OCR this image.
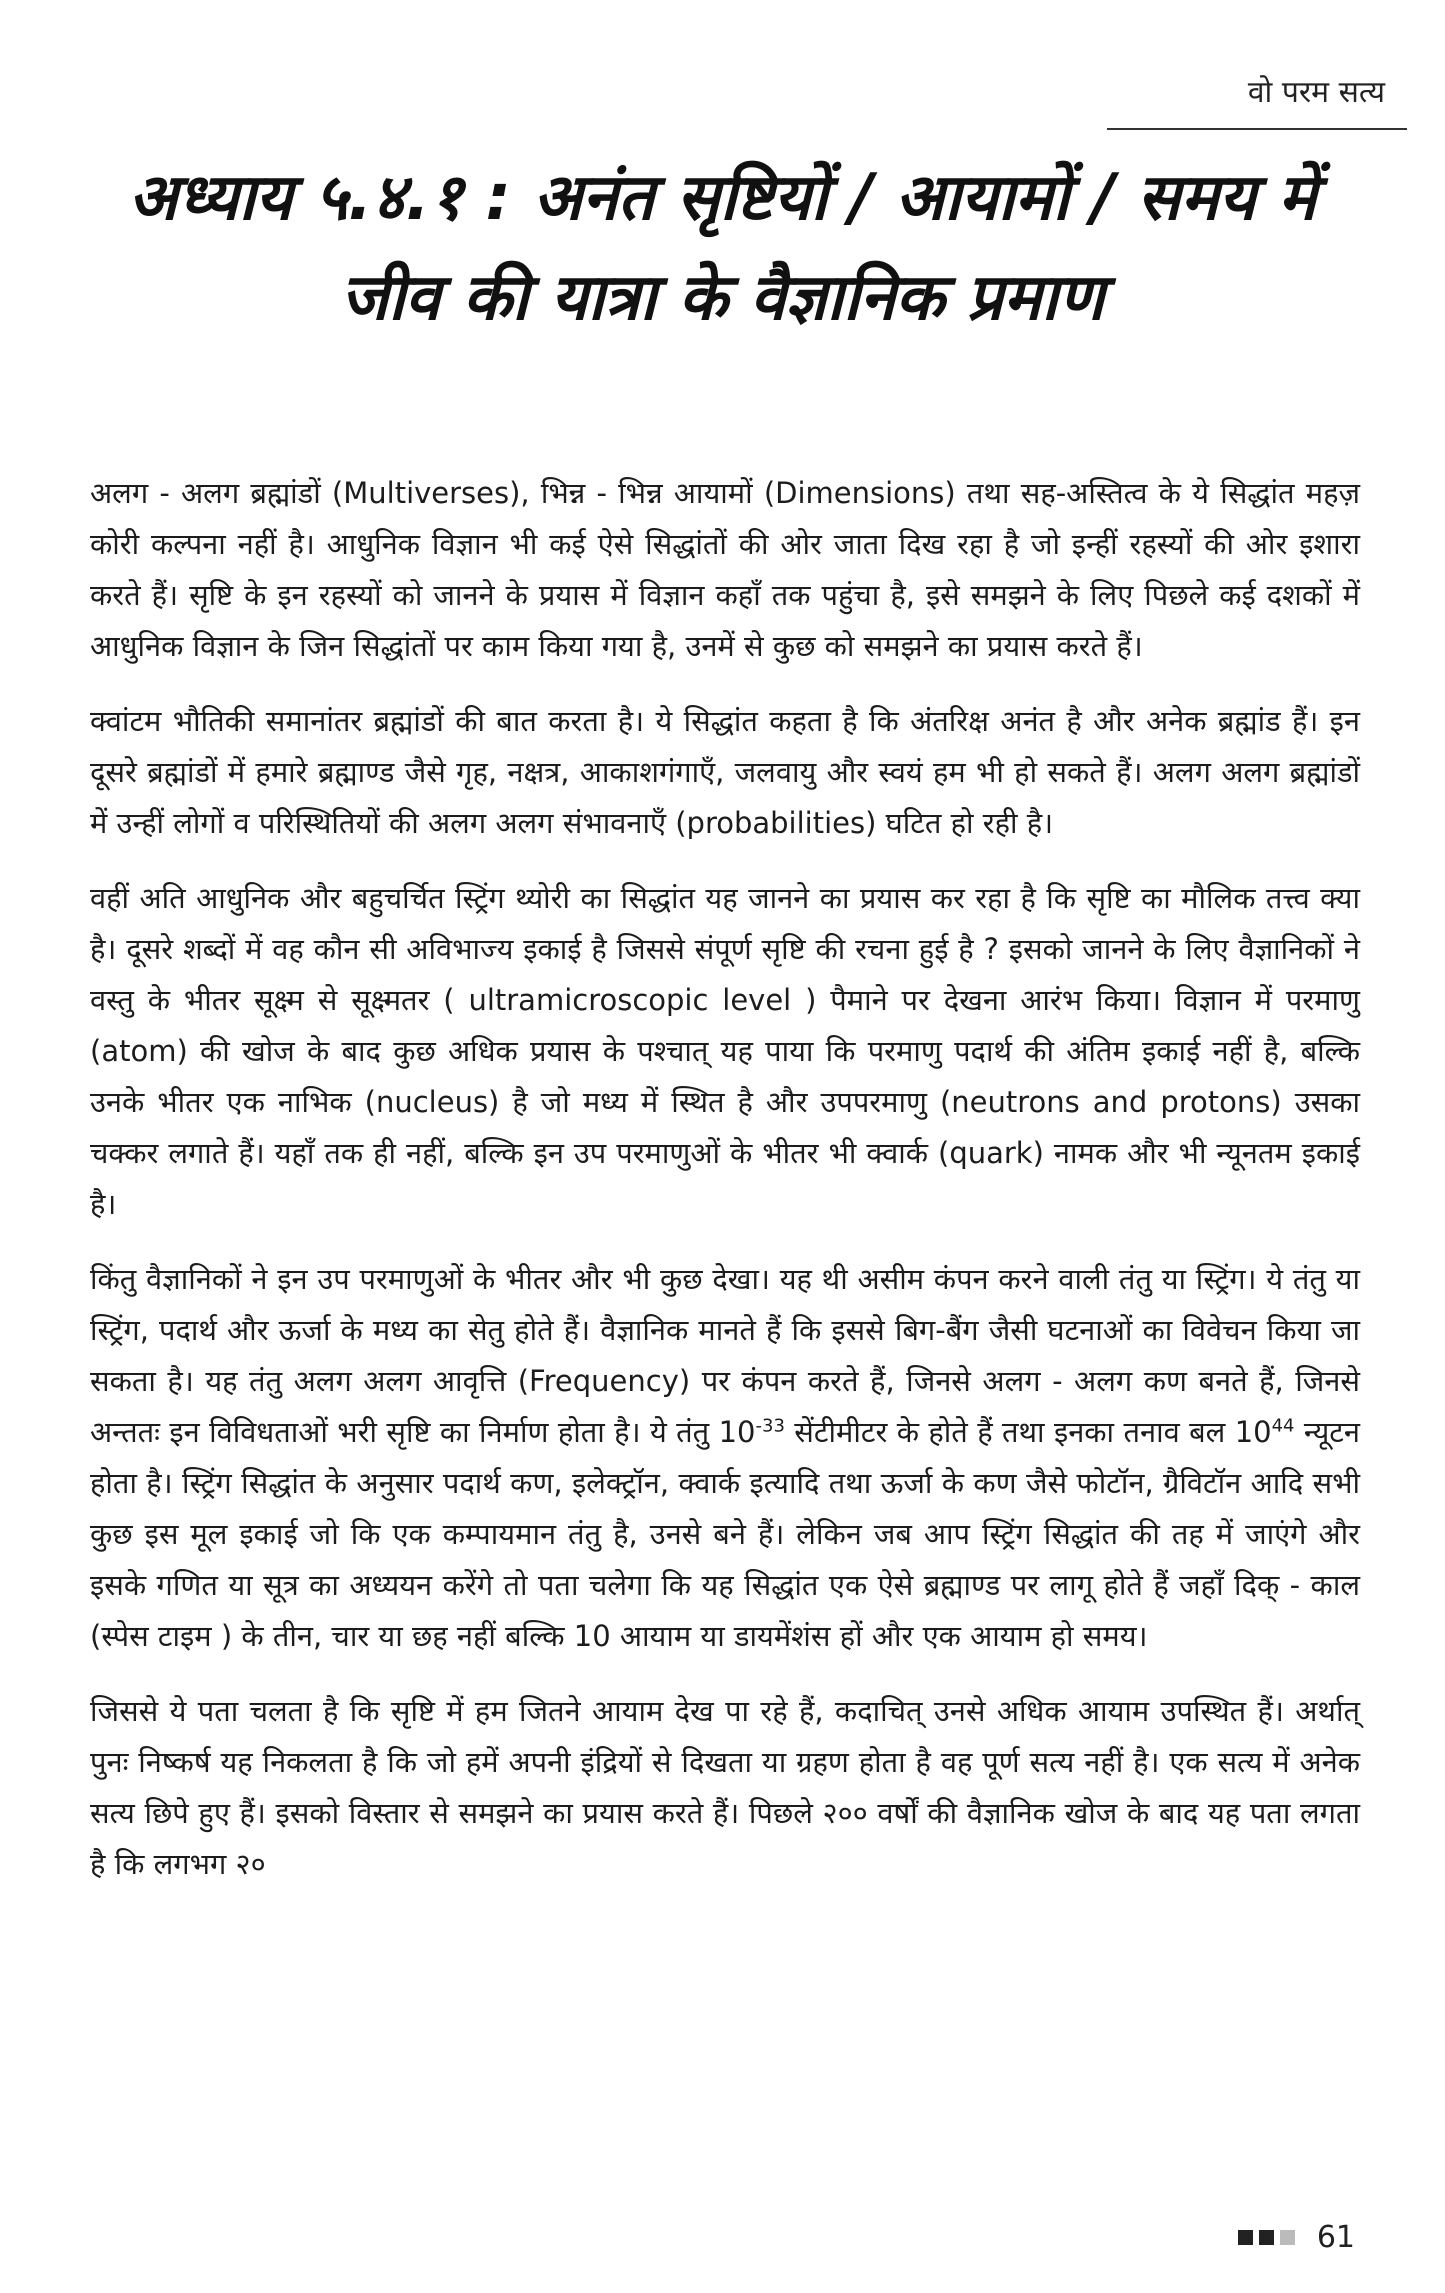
वो परम सत्य
अध्याय ५.४.१ : अनंत सृष्टियों / आयामों / समय में जीव की यात्रा के वैज्ञानिक प्रमाण

अलग - अलग ब्रह्मांडों (Multiverses), भिन्न - भिन्न आयामों (Dimensions) तथा सह-अस्तित्व के ये सिद्धांत महज़ कोरी कल्पना नहीं है। आधुनिक विज्ञान भी कई ऐसे सिद्धांतों की ओर जाता दिख रहा है जो इन्हीं रहस्यों की ओर इशारा करते हैं। सृष्टि के इन रहस्यों को जानने के प्रयास में विज्ञान कहाँ तक पहुंचा है, इसे समझने के लिए पिछले कई दशकों में आधुनिक विज्ञान के जिन सिद्धांतों पर काम किया गया है, उनमें से कुछ को समझने का प्रयास करते हैं।

क्वांटम भौतिकी समानांतर ब्रह्मांडों की बात करता है। ये सिद्धांत कहता है कि अंतरिक्ष अनंत है और अनेक ब्रह्मांड हैं। इन दूसरे ब्रह्मांडों में हमारे ब्रह्माण्ड जैसे गृह, नक्षत्र, आकाशगंगाएँ, जलवायु और स्वयं हम भी हो सकते हैं। अलग अलग ब्रह्मांडों में उन्हीं लोगों व परिस्थितियों की अलग अलग संभावनाएँ (probabilities) घटित हो रही है।

वहीं अति आधुनिक और बहुचर्चित स्ट्रिंग थ्योरी का सिद्धांत यह जानने का प्रयास कर रहा है कि सृष्टि का मौलिक तत्त्व क्या है। दूसरे शब्दों में वह कौन सी अविभाज्य इकाई है जिससे संपूर्ण सृष्टि की रचना हुई है ? इसको जानने के लिए वैज्ञानिकों ने वस्तु के भीतर सूक्ष्म से सूक्ष्मतर ( ultramicroscopic level ) पैमाने पर देखना आरंभ किया। विज्ञान में परमाणु (atom) की खोज के बाद कुछ अधिक प्रयास के पश्चात् यह पाया कि परमाणु पदार्थ की अंतिम इकाई नहीं है, बल्कि उनके भीतर एक नाभिक (nucleus) है जो मध्य में स्थित है और उपपरमाणु (neutrons and protons) उसका चक्कर लगाते हैं। यहाँ तक ही नहीं, बल्कि इन उप परमाणुओं के भीतर भी क्वार्क (quark) नामक और भी न्यूनतम इकाई है।

किंतु वैज्ञानिकों ने इन उप परमाणुओं के भीतर और भी कुछ देखा। यह थी असीम कंपन करने वाली तंतु या स्ट्रिंग। ये तंतु या स्ट्रिंग, पदार्थ और ऊर्जा के मध्य का सेतु होते हैं। वैज्ञानिक मानते हैं कि इससे बिग-बैंग जैसी घटनाओं का विवेचन किया जा सकता है। यह तंतु अलग अलग आवृत्ति (Frequency) पर कंपन करते हैं, जिनसे अलग - अलग कण बनते हैं, जिनसे अन्ततः इन विविधताओं भरी सृष्टि का निर्माण होता है। ये तंतु $10^{-33}$ सेंटीमीटर के होते हैं तथा इनका तनाव बल $10^{44}$ न्यूटन होता है। स्ट्रिंग सिद्धांत के अनुसार पदार्थ कण, इलेक्ट्रॉन, क्वार्क इत्यादि तथा ऊर्जा के कण जैसे फोटॉन, ग्रैविटॉन आदि सभी कुछ इस मूल इकाई जो कि एक कम्पायमान तंतु है, उनसे बने हैं। लेकिन जब आप स्ट्रिंग सिद्धांत की तह में जाएंगे और इसके गणित या सूत्र का अध्ययन करेंगे तो पता चलेगा कि यह सिद्धांत एक ऐसे ब्रह्माण्ड पर लागू होते हैं जहाँ दिक् - काल (स्पेस टाइम ) के तीन, चार या छह नहीं बल्कि 10 आयाम या डायमेंशंस हों और एक आयाम हो समय।

जिससे ये पता चलता है कि सृष्टि में हम जितने आयाम देख पा रहे हैं, कदाचित् उनसे अधिक आयाम उपस्थित हैं। अर्थात् पुनः निष्कर्ष यह निकलता है कि जो हमें अपनी इंद्रियों से दिखता या ग्रहण होता है वह पूर्ण सत्य नहीं है। एक सत्य में अनेक सत्य छिपे हुए हैं। इसको विस्तार से समझने का प्रयास करते हैं। पिछले २०० वर्षों की वैज्ञानिक खोज के बाद यह पता लगता है कि लगभग २०

61
